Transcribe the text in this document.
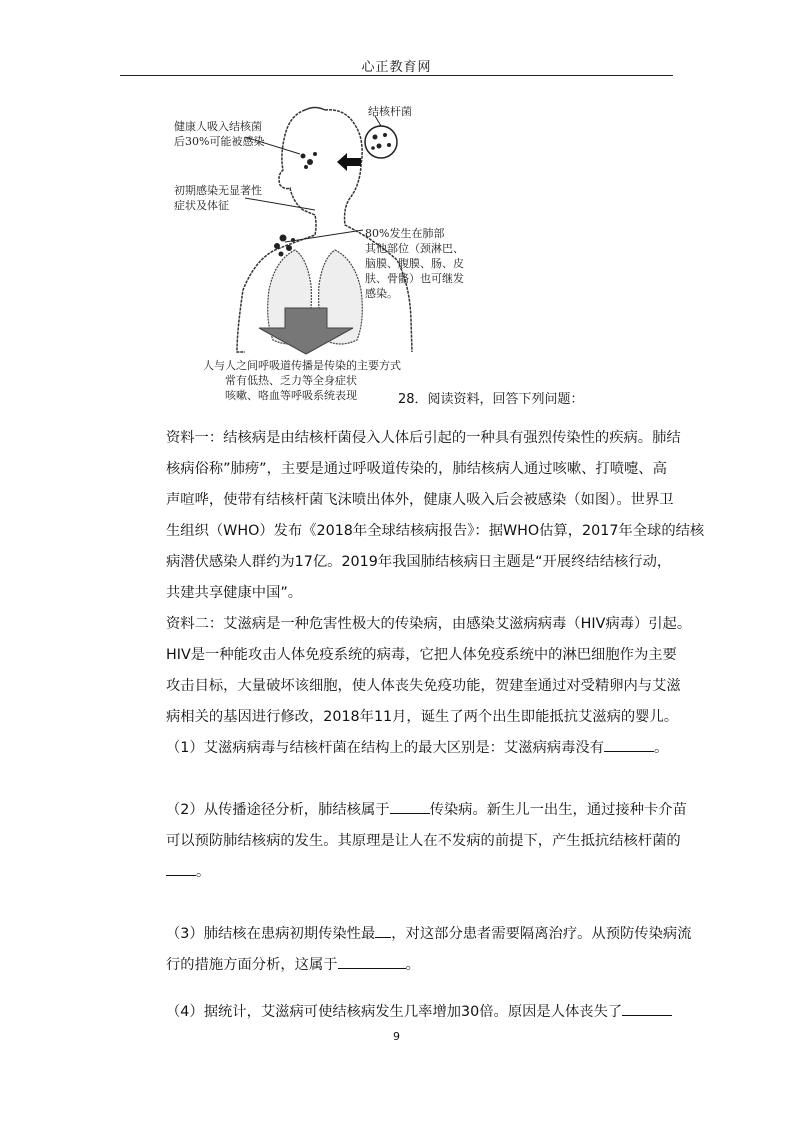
心正教育网
健康人吸入结核菌
后30%可能被感染
初期感染无显著性
症状及体征
结核杆菌
80%发生在肺部
其他部位（颈淋巴、
脑膜、腹膜、肠、皮
肤、骨骼）也可继发
感染。
人与人之间呼吸道传播是传染的主要方式
　　常有低热、乏力等全身症状
　　咳嗽、咯血等呼吸系统表现	28．阅读资料，回答下列问题：
资料一：结核病是由结核杆菌侵入人体后引起的一种具有强烈传染性的疾病。肺结
核病俗称”肺痨”，主要是通过呼吸道传染的，肺结核病人通过咳嗽、打喷嚏、高
声喧哗，使带有结核杆菌飞沫喷出体外，健康人吸入后会被感染（如图）。世界卫
生组织（WHO）发布《2018年全球结核病报告》：据WHO估算，2017年全球的结核
病潜伏感染人群约为17亿。2019年我国肺结核病日主题是“开展终结结核行动，
共建共享健康中国”。
资料二：艾滋病是一种危害性极大的传染病，由感染艾滋病病毒（HIV病毒）引起。
HIV是一种能攻击人体免疫系统的病毒，它把人体免疫系统中的淋巴细胞作为主要
攻击目标，大量破坏该细胞，使人体丧失免疫功能，贺建奎通过对受精卵内与艾滋
病相关的基因进行修改，2018年11月，诞生了两个出生即能抵抗艾滋病的婴儿。
（1）艾滋病病毒与结核杆菌在结构上的最大区别是：艾滋病病毒没有	。
（2）从传播途径分析，肺结核属于	传染病。新生儿一出生，通过接种卡介苗
可以预防肺结核病的发生。其原理是让人在不发病的前提下，产生抵抗结核杆菌的
。
（3）肺结核在患病初期传染性最 ，对这部分患者需要隔离治疗。从预防传染病流
行的措施方面分析，这属于	。
（4）据统计，艾滋病可使结核病发生几率增加30倍。原因是人体丧失了
9
